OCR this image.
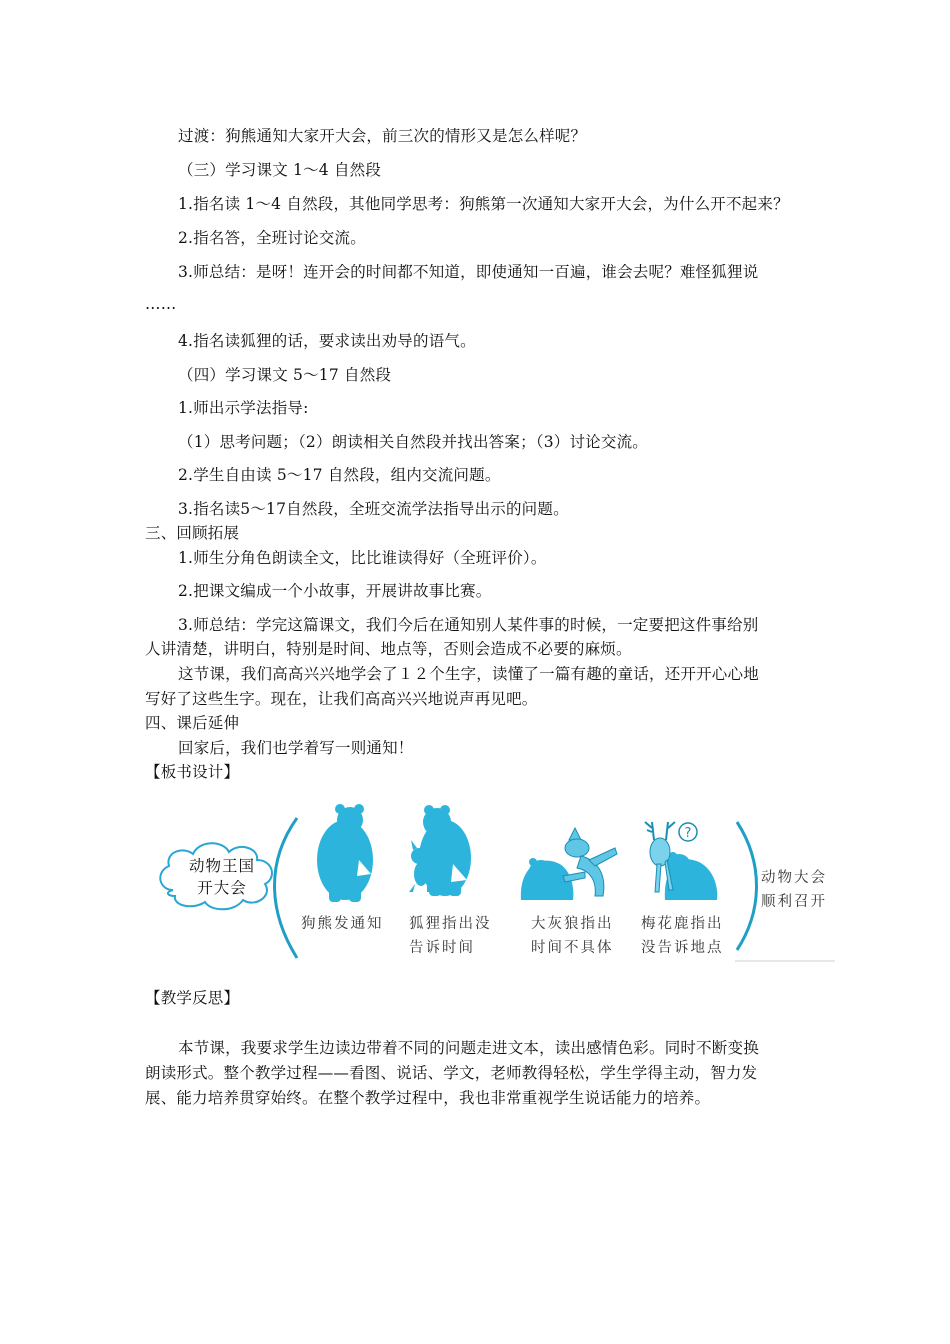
过渡：狗熊通知大家开大会，前三次的情形又是怎么样呢？
（三）学习课文 1～4 自然段
1.指名读 1～4 自然段，其他同学思考：狗熊第一次通知大家开大会，为什么开不起来？
2.指名答，全班讨论交流。
3.师总结：是呀！连开会的时间都不知道，即使通知一百遍，谁会去呢？难怪狐狸说
……
4.指名读狐狸的话，要求读出劝导的语气。
（四）学习课文 5～17 自然段
1.师出示学法指导:
（1）思考问题；（2）朗读相关自然段并找出答案；（3）讨论交流。
2.学生自由读 5～17 自然段，组内交流问题。
3.指名读5～17自然段，全班交流学法指导出示的问题。
三、回顾拓展
1.师生分角色朗读全文，比比谁读得好（全班评价）。
2.把课文编成一个小故事，开展讲故事比赛。
3.师总结：学完这篇课文，我们今后在通知别人某件事的时候，一定要把这件事给别
人讲清楚，讲明白，特别是时间、地点等，否则会造成不必要的麻烦。
这节课，我们高高兴兴地学会了１２个生字，读懂了一篇有趣的童话，还开开心心地
写好了这些生字。现在，让我们高高兴兴地说声再见吧。
四、课后延伸
回家后，我们也学着写一则通知！
【板书设计】
?
动物王国
开大会
狗熊发通知 狐狸指出没
告诉时间
大灰狼指出
时间不具体
梅花鹿指出
没告诉地点
动物大会
顺利召开
【教学反思】
本节课，我要求学生边读边带着不同的问题走进文本，读出感情色彩。同时不断变换
朗读形式。整个教学过程——看图、说话、学文，老师教得轻松，学生学得主动，智力发
展、能力培养贯穿始终。在整个教学过程中，我也非常重视学生说话能力的培养。
